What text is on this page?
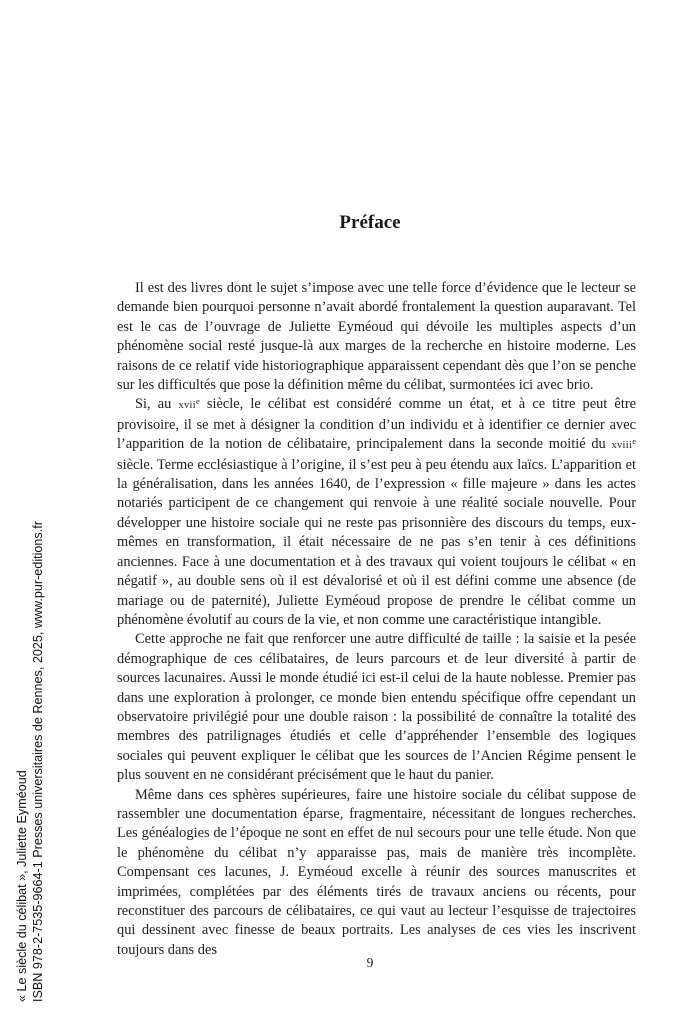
« Le siècle du célibat », Juliette Eyméoud ISBN 978-2-7535-9664-1 Presses universitaires de Rennes, 2025, www.pur-editions.fr
Préface

Il est des livres dont le sujet s’impose avec une telle force d’évidence que le lecteur se demande bien pourquoi personne n’avait abordé frontalement la question auparavant. Tel est le cas de l’ouvrage de Juliette Eyméoud qui dévoile les multiples aspects d’un phénomène social resté jusque-là aux marges de la recherche en histoire moderne. Les raisons de ce relatif vide historiographique apparaissent cependant dès que l’on se penche sur les difficultés que pose la définition même du célibat, surmontées ici avec brio.

Si, au xvii$^e$ siècle, le célibat est considéré comme un état, et à ce titre peut être provisoire, il se met à désigner la condition d’un individu et à identifier ce dernier avec l’apparition de la notion de célibataire, principalement dans la seconde moitié du xviii$^e$ siècle. Terme ecclésiastique à l’origine, il s’est peu à peu étendu aux laïcs. L’apparition et la généralisation, dans les années 1640, de l’expression « fille majeure » dans les actes notariés participent de ce changement qui renvoie à une réalité sociale nouvelle. Pour développer une histoire sociale qui ne reste pas prisonnière des discours du temps, eux-mêmes en transformation, il était nécessaire de ne pas s’en tenir à ces définitions anciennes. Face à une documentation et à des travaux qui voient toujours le célibat « en négatif », au double sens où il est dévalorisé et où il est défini comme une absence (de mariage ou de paternité), Juliette Eyméoud propose de prendre le célibat comme un phénomène évolutif au cours de la vie, et non comme une caractéristique intangible.

Cette approche ne fait que renforcer une autre difficulté de taille : la saisie et la pesée démographique de ces célibataires, de leurs parcours et de leur diversité à partir de sources lacunaires. Aussi le monde étudié ici est-il celui de la haute noblesse. Premier pas dans une exploration à prolonger, ce monde bien entendu spécifique offre cependant un observatoire privilégié pour une double raison : la possibilité de connaître la totalité des membres des patrilignages étudiés et celle d’appréhender l’ensemble des logiques sociales qui peuvent expliquer le célibat que les sources de l’Ancien Régime pensent le plus souvent en ne considérant précisément que le haut du panier.

Même dans ces sphères supérieures, faire une histoire sociale du célibat suppose de rassembler une documentation éparse, fragmentaire, nécessitant de longues recherches. Les généalogies de l’époque ne sont en effet de nul secours pour une telle étude. Non que le phénomène du célibat n’y apparaisse pas, mais de manière très incomplète. Compensant ces lacunes, J. Eyméoud excelle à réunir des sources manuscrites et imprimées, complétées par des éléments tirés de travaux anciens ou récents, pour reconstituer des parcours de célibataires, ce qui vaut au lecteur l’esquisse de trajectoires qui dessinent avec finesse de beaux portraits. Les analyses de ces vies les inscrivent toujours dans des

9
